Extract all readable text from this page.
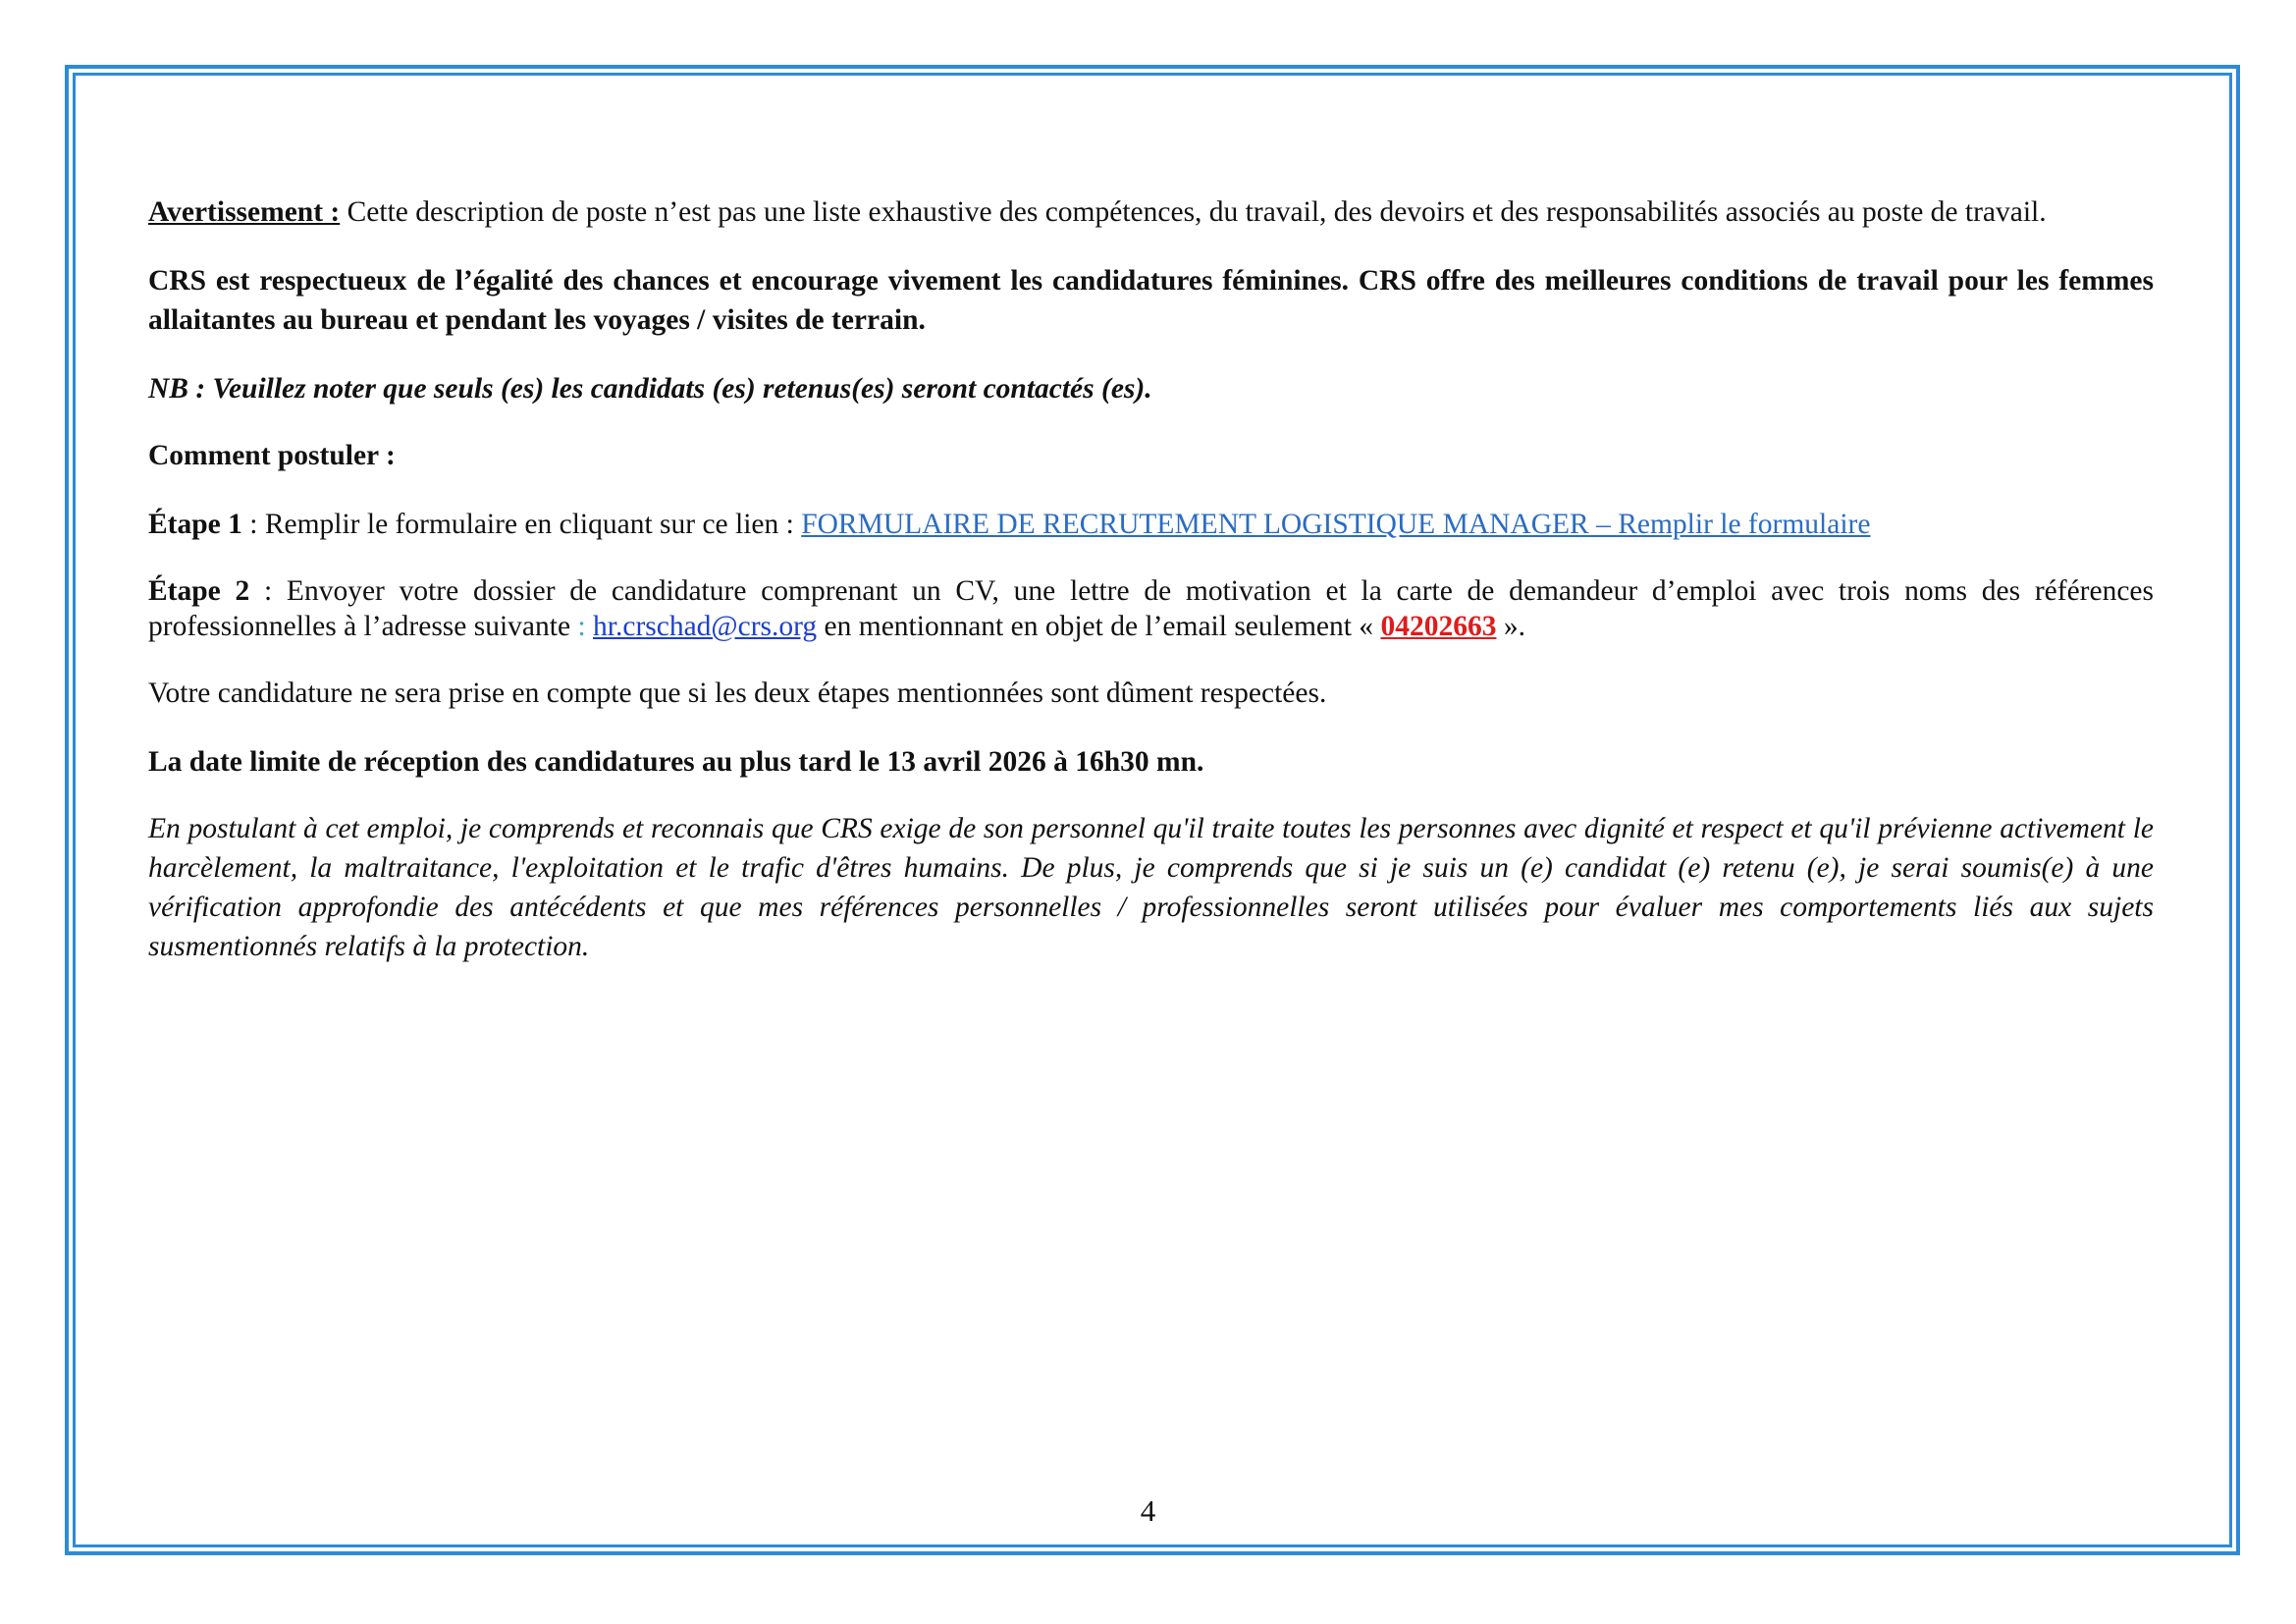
Avertissement : Cette description de poste n’est pas une liste exhaustive des compétences, du travail, des devoirs et des responsabilités associés au poste de travail.

CRS est respectueux de l’égalité des chances et encourage vivement les candidatures féminines. CRS offre des meilleures conditions de travail pour les femmes allaitantes au bureau et pendant les voyages / visites de terrain.

NB : Veuillez noter que seuls (es) les candidats (es) retenus(es) seront contactés (es).

Comment postuler :

Étape 1 : Remplir le formulaire en cliquant sur ce lien : FORMULAIRE DE RECRUTEMENT LOGISTIQUE MANAGER – Remplir le formulaire

Étape 2 : Envoyer votre dossier de candidature comprenant un CV, une lettre de motivation et la carte de demandeur d’emploi avec trois noms des références professionnelles à l’adresse suivante : hr.crschad@crs.org en mentionnant en objet de l’email seulement « 04202663 ».

Votre candidature ne sera prise en compte que si les deux étapes mentionnées sont dûment respectées.

La date limite de réception des candidatures au plus tard le 13 avril 2026 à 16h30 mn.

En postulant à cet emploi, je comprends et reconnais que CRS exige de son personnel qu'il traite toutes les personnes avec dignité et respect et qu'il prévienne activement le harcèlement, la maltraitance, l'exploitation et le trafic d'êtres humains. De plus, je comprends que si je suis un (e) candidat (e) retenu (e), je serai soumis(e) à une vérification approfondie des antécédents et que mes références personnelles / professionnelles seront utilisées pour évaluer mes comportements liés aux sujets susmentionnés relatifs à la protection.

4
